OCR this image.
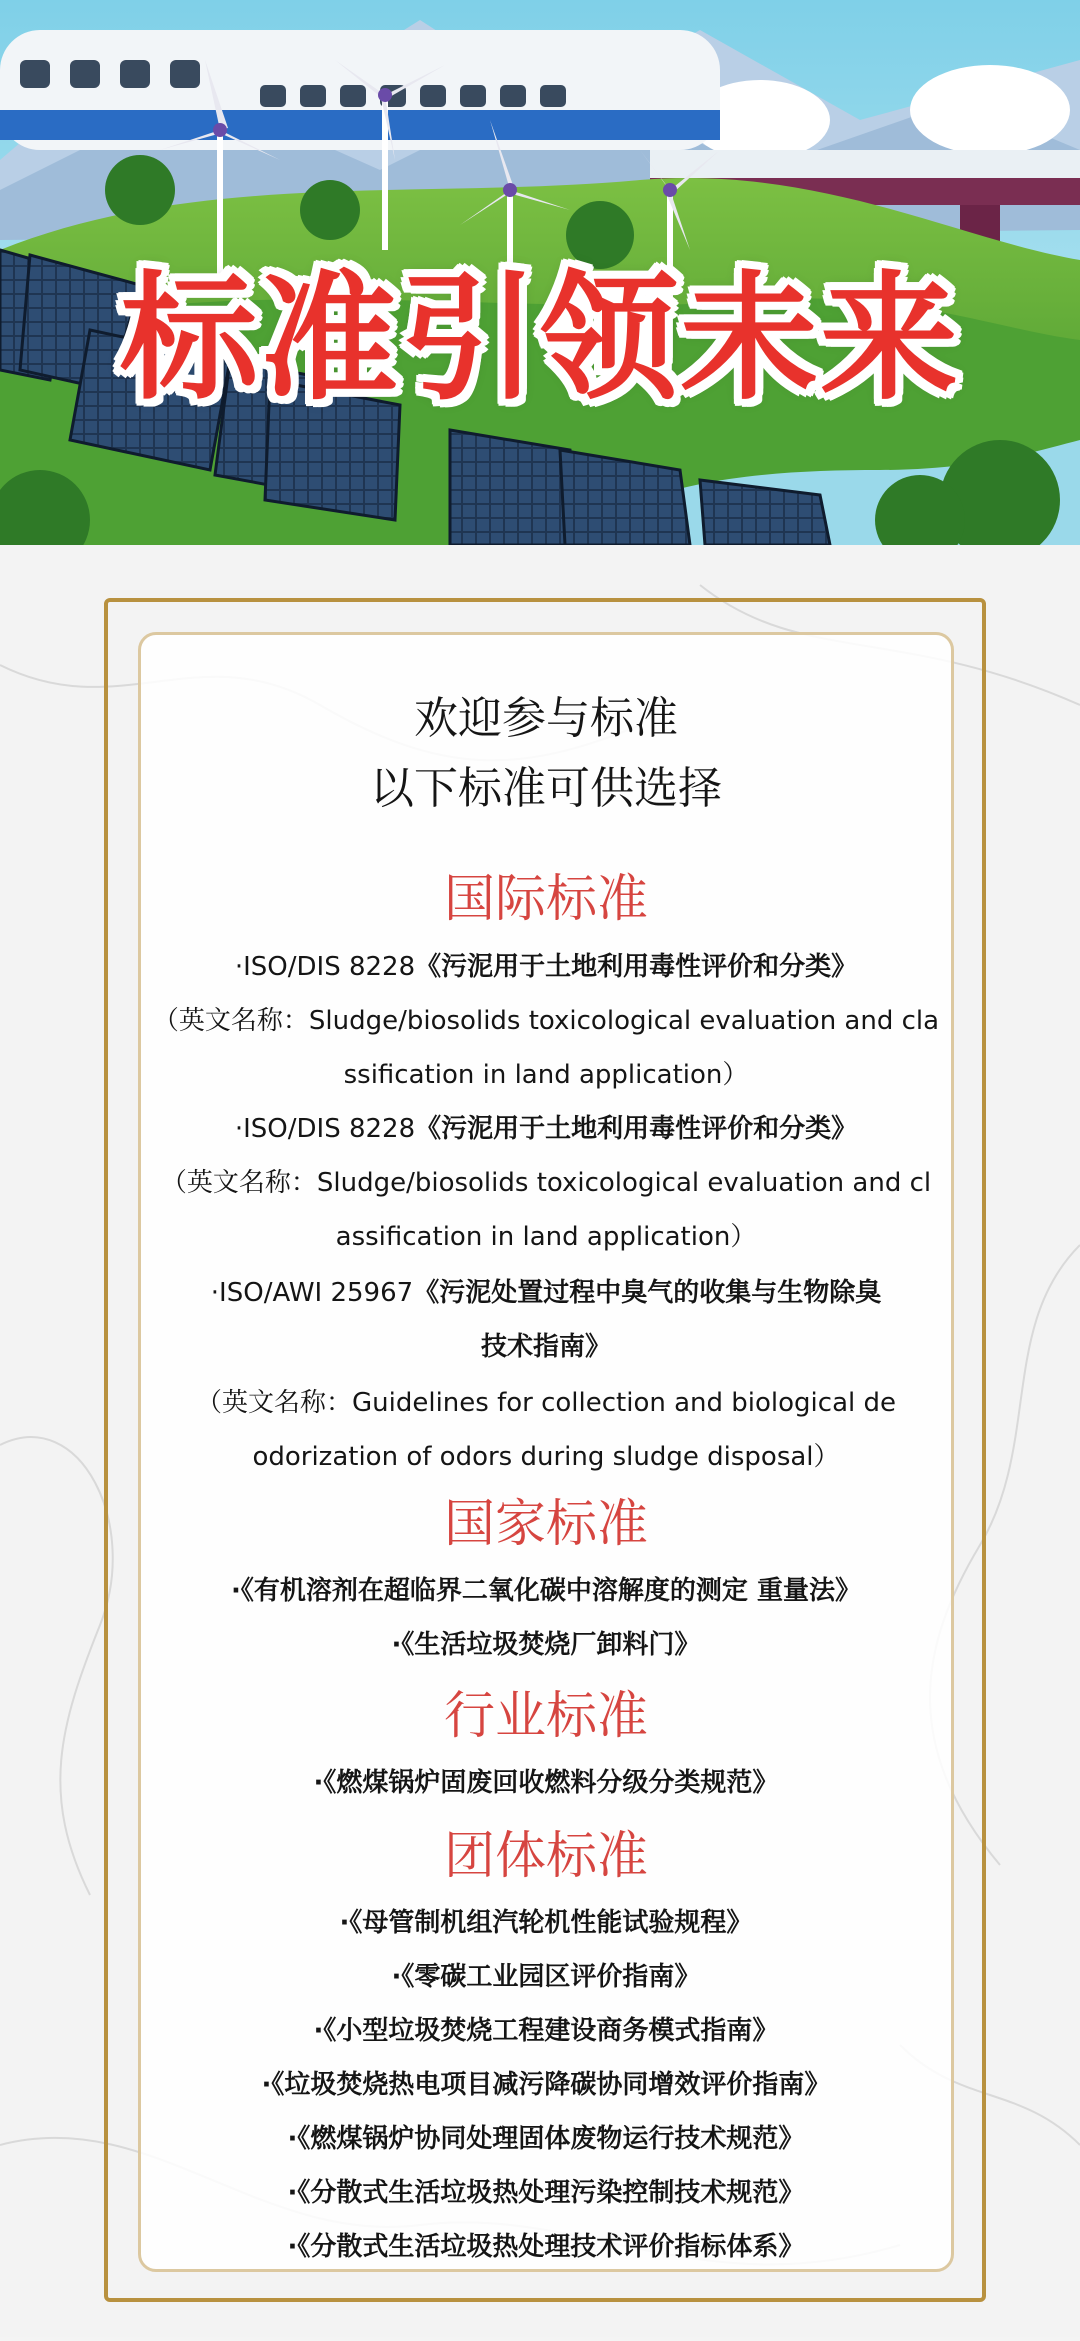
标准引领未来
欢迎参与标准
以下标准可供选择
国际标准
·ISO/DIS 8228《污泥用于土地利用毒性评价和分类》
（英文名称：Sludge/biosolids toxicological evaluation and cla
ssification in land application）
·ISO/DIS 8228《污泥用于土地利用毒性评价和分类》
（英文名称：Sludge/biosolids toxicological evaluation and cl
assification in land application）
·ISO/AWI 25967《污泥处置过程中臭气的收集与生物除臭
技术指南》
（英文名称：Guidelines for collection and biological de
odorization of odors during sludge disposal）
国家标准
·《有机溶剂在超临界二氧化碳中溶解度的测定 重量法》
·《生活垃圾焚烧厂卸料门》
行业标准
·《燃煤锅炉固废回收燃料分级分类规范》
团体标准
·《母管制机组汽轮机性能试验规程》
·《零碳工业园区评价指南》
·《小型垃圾焚烧工程建设商务模式指南》
·《垃圾焚烧热电项目减污降碳协同增效评价指南》
·《燃煤锅炉协同处理固体废物运行技术规范》
·《分散式生活垃圾热处理污染控制技术规范》
·《分散式生活垃圾热处理技术评价指标体系》
